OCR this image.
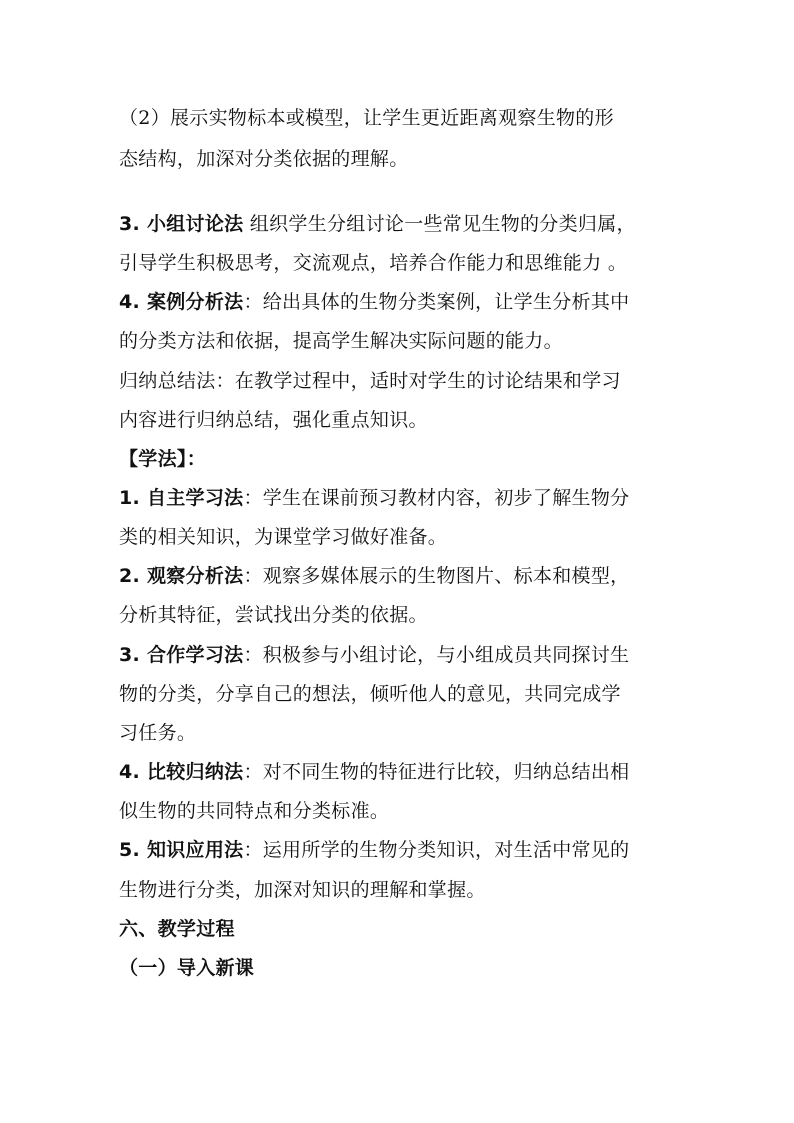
（2）展示实物标本或模型，让学生更近距离观察生物的形
态结构，加深对分类依据的理解。
3. 小组讨论法 组织学生分组讨论一些常见生物的分类归属，
引导学生积极思考，交流观点，培养合作能力和思维能力 。
4. 案例分析法：给出具体的生物分类案例，让学生分析其中
的分类方法和依据，提高学生解决实际问题的能力。
归纳总结法：在教学过程中，适时对学生的讨论结果和学习
内容进行归纳总结，强化重点知识。
【学法】：
1. 自主学习法：学生在课前预习教材内容，初步了解生物分
类的相关知识，为课堂学习做好准备。
2. 观察分析法：观察多媒体展示的生物图片、标本和模型，
分析其特征，尝试找出分类的依据。
3. 合作学习法：积极参与小组讨论，与小组成员共同探讨生
物的分类，分享自己的想法，倾听他人的意见，共同完成学
习任务。
4. 比较归纳法：对不同生物的特征进行比较，归纳总结出相
似生物的共同特点和分类标准。
5. 知识应用法：运用所学的生物分类知识，对生活中常见的
生物进行分类，加深对知识的理解和掌握。
六、教学过程
（一）导入新课
